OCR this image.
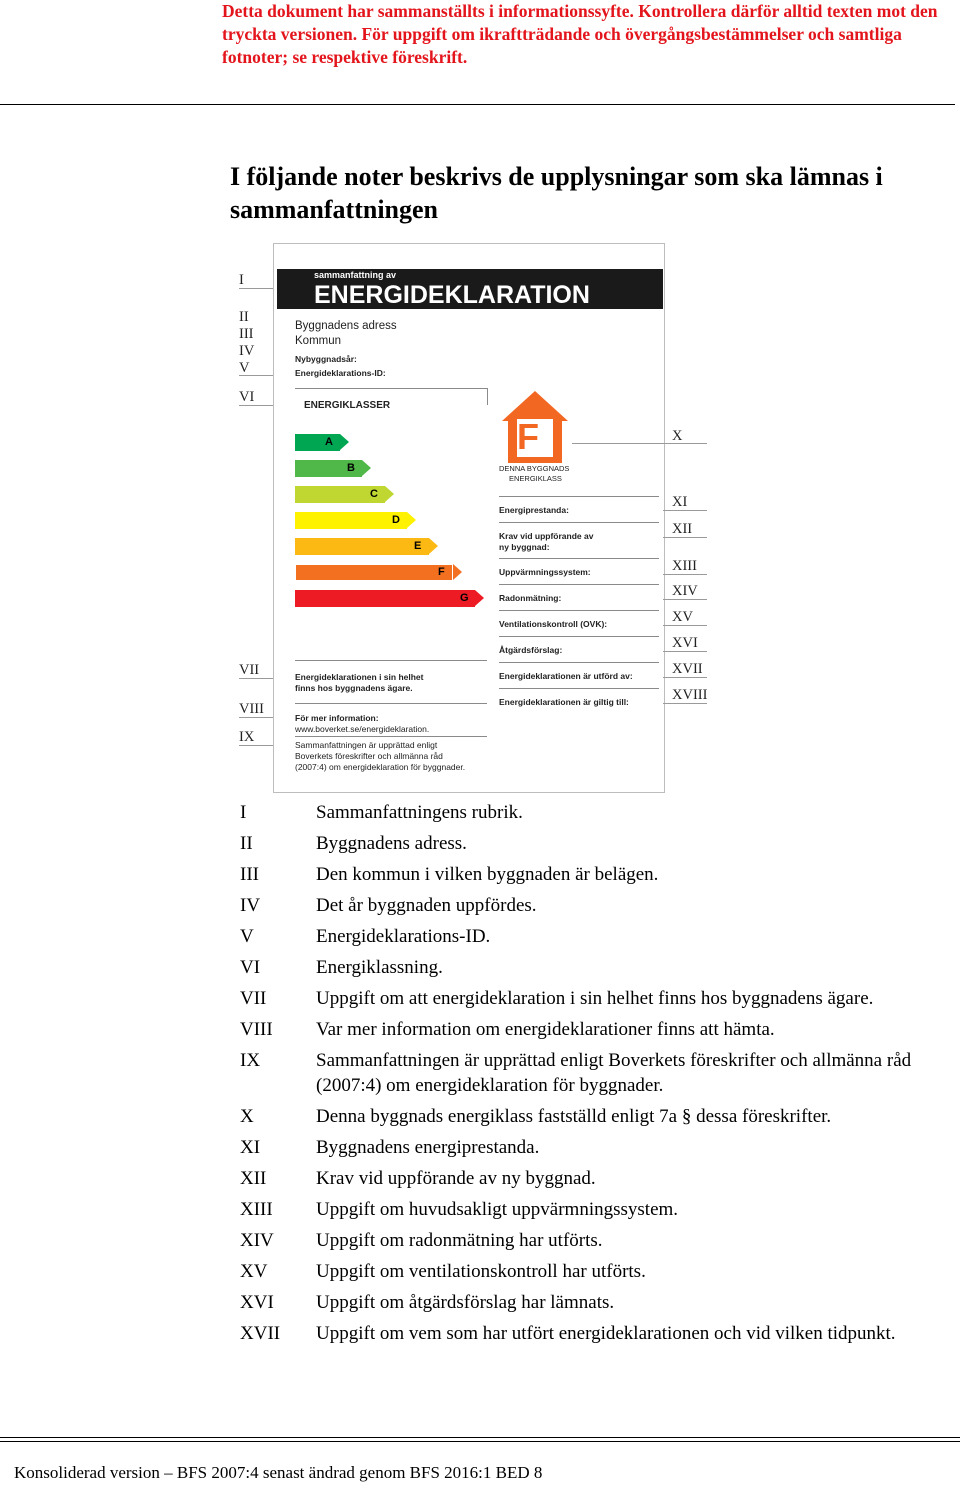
Detta dokument har sammanställts i informationssyfte. Kontrollera därför alltid texten mot den tryckta versionen. För uppgift om ikraftträdande och övergångsbestämmelser och samtliga fotnoter; se respektive föreskrift.
I följande noter beskrivs de upplysningar som ska lämnas i sammanfattningen
sammanfattning av
ENERGIDEKLARATION
Byggnadens adress
Kommun
Nybyggnadsår:
Energideklarations-ID:
ENERGIKLASSER
A
B
C
D
E
F
G
F
DENNA BYGGNADS
ENERGIKLASS
Energiprestanda:
Krav vid uppförande av
ny byggnad:
Uppvärmningssystem:
Radonmätning:
Ventilationskontroll (OVK):
Åtgärdsförslag:
Energideklarationen är utförd av:
Energideklarationen är giltig till:
Energideklarationen i sin helhet
finns hos byggnadens ägare.
För mer information:
www.boverket.se/energideklaration.
Sammanfattningen är upprättad enligt
Boverkets föreskrifter och allmänna råd
(2007:4) om energideklaration för byggnader.
I
II
III
IV
V
VI
VII
VIII
IX
X
XI
XII
XIII
XIV
XV
XVI
XVII
XVIII
I	Sammanfattningens rubrik.
II	Byggnadens adress.
III	Den kommun i vilken byggnaden är belägen.
IV	Det år byggnaden uppfördes.
V	Energideklarations-ID.
VI	Energiklassning.
VII	Uppgift om att energideklaration i sin helhet finns hos byggnadens ägare.
VIII	Var mer information om energideklarationer finns att hämta.
IX	Sammanfattningen är upprättad enligt Boverkets föreskrifter och allmänna råd (2007:4) om energideklaration för byggnader.
X	Denna byggnads energiklass fastställd enligt 7a § dessa föreskrifter.
XI	Byggnadens energiprestanda.
XII	Krav vid uppförande av ny byggnad.
XIII	Uppgift om huvudsakligt uppvärmningssystem.
XIV	Uppgift om radonmätning har utförts.
XV	Uppgift om ventilationskontroll har utförts.
XVI	Uppgift om åtgärdsförslag har lämnats.
XVII	Uppgift om vem som har utfört energideklarationen och vid vilken tidpunkt.
Konsoliderad version – BFS 2007:4 senast ändrad genom BFS 2016:1 BED 8
